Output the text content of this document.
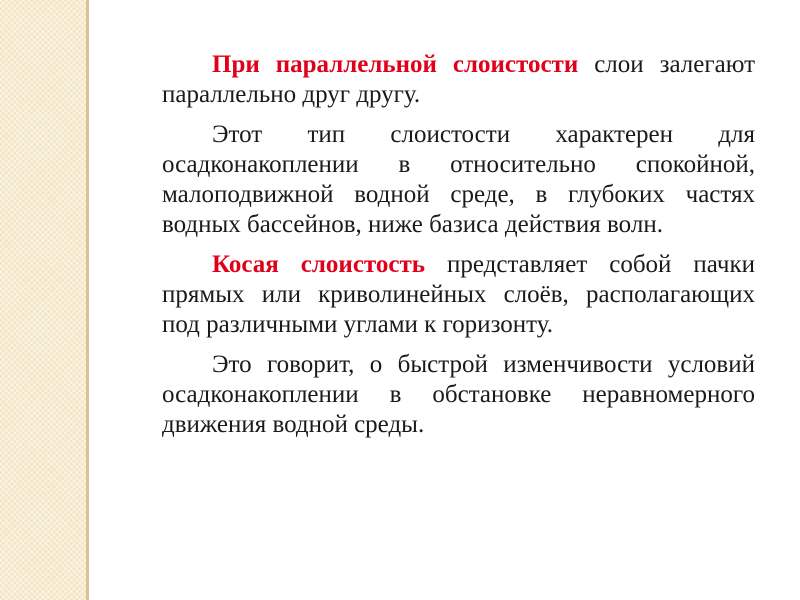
При параллельной слоистости слои залегают параллельно друг другу.

Этот тип слоистости характерен для осадконакоплении в относительно спокойной, малоподвижной водной среде, в глубоких частях водных бассейнов, ниже базиса действия волн.

Косая слоистость представляет собой пачки прямых или криволинейных слоёв, располагающих под различными углами к горизонту.

Это говорит, о быстрой изменчивости условий осадконакоплении в обстановке неравномерного движения водной среды.
